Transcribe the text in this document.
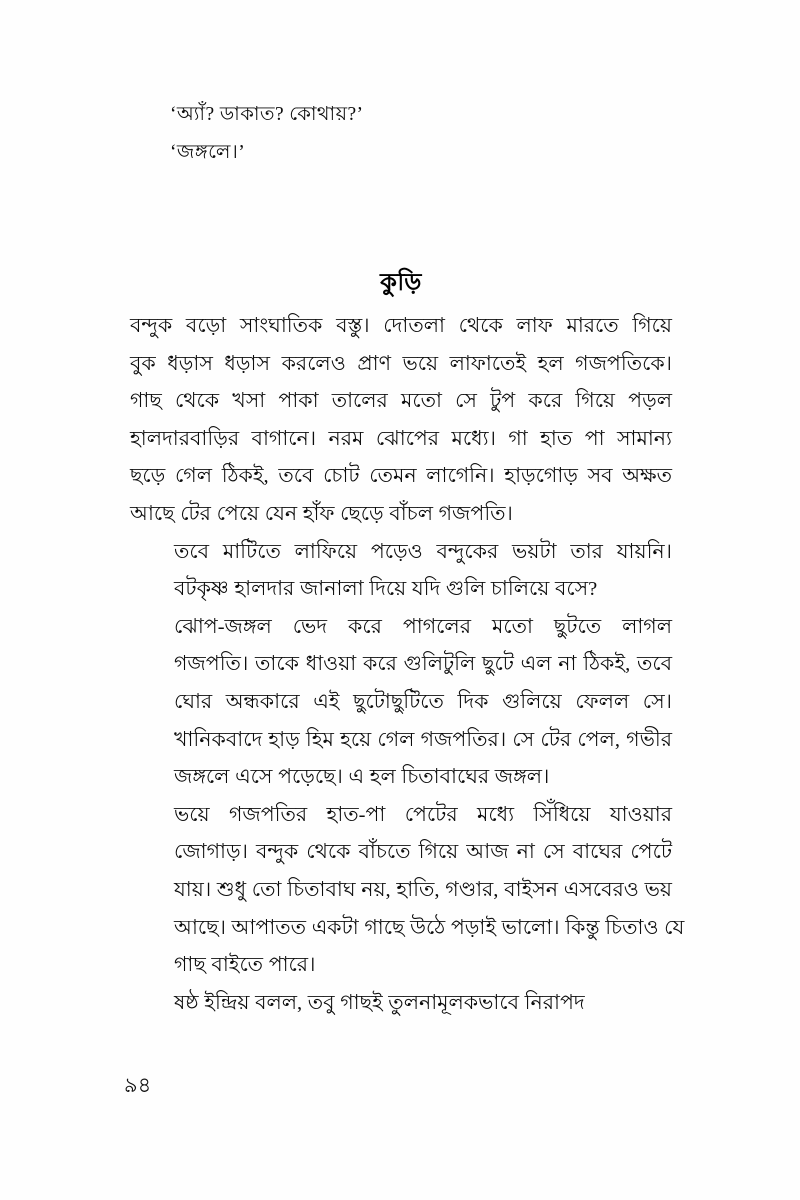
‘অ্যাঁ? ডাকাত? কোথায়?’
‘জঙ্গলে।’
কুড়ি
বন্দুক বড়ো সাংঘাতিক বস্তু। দোতলা থেকে লাফ মারতে গিয়ে
বুক ধড়াস ধড়াস করলেও প্রাণ ভয়ে লাফাতেই হল গজপতিকে।
গাছ থেকে খসা পাকা তালের মতো সে টুপ করে গিয়ে পড়ল
হালদারবাড়ির বাগানে। নরম ঝোপের মধ্যে। গা হাত পা সামান্য
ছড়ে গেল ঠিকই, তবে চোট তেমন লাগেনি। হাড়গোড় সব অক্ষত
আছে টের পেয়ে যেন হাঁফ ছেড়ে বাঁচল গজপতি।
তবে মাটিতে লাফিয়ে পড়েও বন্দুকের ভয়টা তার যায়নি।
বটকৃষ্ণ হালদার জানালা দিয়ে যদি গুলি চালিয়ে বসে?
ঝোপ-জঙ্গল ভেদ করে পাগলের মতো ছুটতে লাগল
গজপতি। তাকে ধাওয়া করে গুলিটুলি ছুটে এল না ঠিকই, তবে
ঘোর অন্ধকারে এই ছুটোছুটিতে দিক গুলিয়ে ফেলল সে।
খানিকবাদে হাড় হিম হয়ে গেল গজপতির। সে টের পেল, গভীর
জঙ্গলে এসে পড়েছে। এ হল চিতাবাঘের জঙ্গল।
ভয়ে গজপতির হাত-পা পেটের মধ্যে সিঁধিয়ে যাওয়ার
জোগাড়। বন্দুক থেকে বাঁচতে গিয়ে আজ না সে বাঘের পেটে
যায়। শুধু তো চিতাবাঘ নয়, হাতি, গণ্ডার, বাইসন এসবেরও ভয়
আছে। আপাতত একটা গাছে উঠে পড়াই ভালো। কিন্তু চিতাও যে
গাছ বাইতে পারে।
ষষ্ঠ ইন্দ্রিয় বলল, তবু গাছই তুলনামূলকভাবে নিরাপদ
৯৪
